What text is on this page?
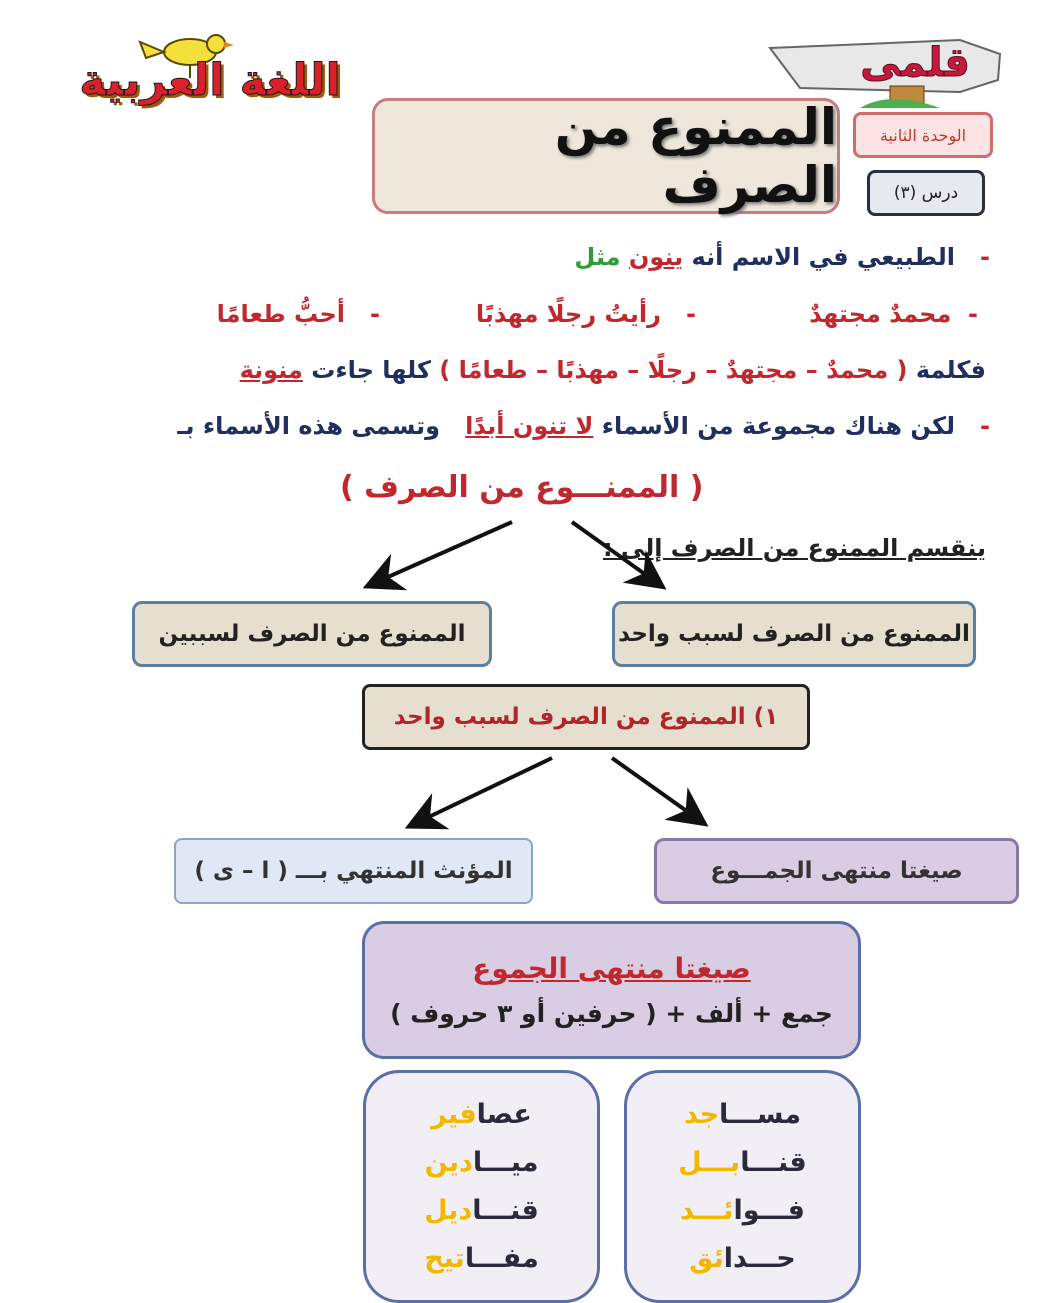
اللغة العربية	قلمى
الممنوع من الصرف
الوحدة الثانية
درس (٣)
-   الطبيعي في الاسم أنه ينون مثل
-  محمدٌ مجتهدٌ
-   رأيتُ رجلًا مهذبًا
-   أحبُّ طعامًا
فكلمة ( محمدٌ – مجتهدٌ – رجلًا – مهذبًا – طعامًا ) كلها جاءت منونة
-   لكن هناك مجموعة من الأسماء لا تنون أبدًا   وتسمى هذه الأسماء بـ
( الممنـــوع من الصرف )
ينقسم الممنوع من الصرف إلى :
الممنوع من الصرف لسبب واحد
الممنوع من الصرف لسببين
١) الممنوع من الصرف لسبب واحد
صيغتا منتهى الجمـــوع
المؤنث المنتهي بـــ ( ا – ى )
صيغتا منتهى الجموع
جمع + ألف + ( حرفين أو ٣ حروف )
مســـاجد
قنـــابـــل
فـــوائـــد
حـــدائق
عصافير
ميـــادين
قنـــاديل
مفـــاتيح
